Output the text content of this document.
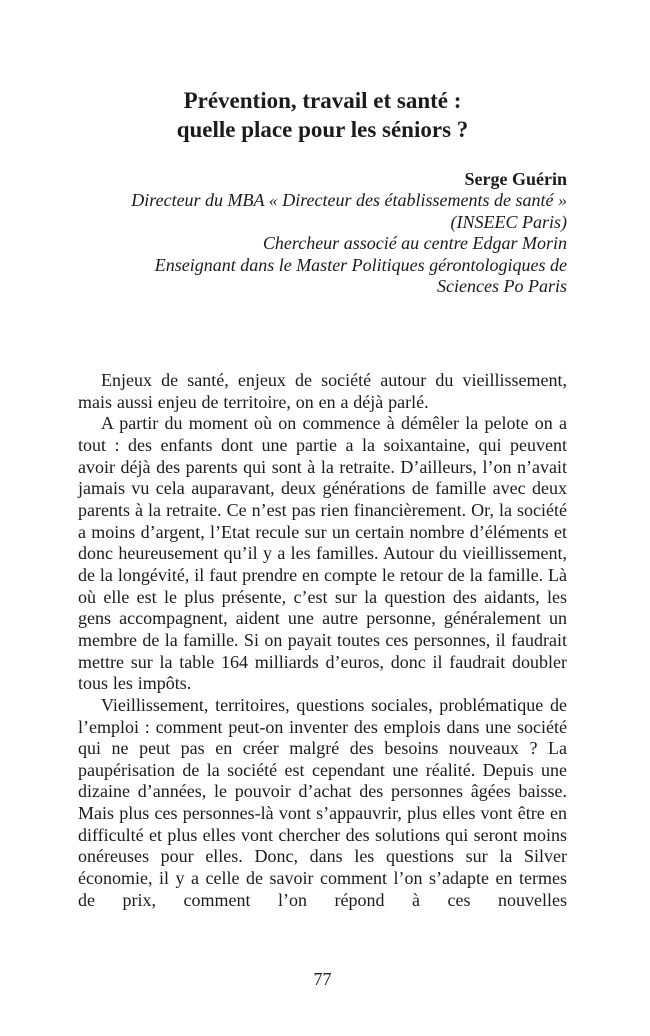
Prévention, travail et santé :
quelle place pour les séniors ?
Serge Guérin
Directeur du MBA « Directeur des établissements de santé »
(INSEEC Paris)
Chercheur associé au centre Edgar Morin
Enseignant dans le Master Politiques gérontologiques de
Sciences Po Paris

Enjeux de santé, enjeux de société autour du vieillissement, mais aussi enjeu de territoire, on en a déjà parlé.

A partir du moment où on commence à démêler la pelote on a tout : des enfants dont une partie a la soixantaine, qui peuvent avoir déjà des parents qui sont à la retraite. D’ailleurs, l’on n’avait jamais vu cela auparavant, deux générations de famille avec deux parents à la retraite. Ce n’est pas rien financièrement. Or, la société a moins d’argent, l’Etat recule sur un certain nombre d’éléments et donc heureusement qu’il y a les familles. Autour du vieillissement, de la longévité, il faut prendre en compte le retour de la famille. Là où elle est le plus présente, c’est sur la question des aidants, les gens accompagnent, aident une autre personne, généralement un membre de la famille. Si on payait toutes ces personnes, il faudrait mettre sur la table 164 milliards d’euros, donc il faudrait doubler tous les impôts.

Vieillissement, territoires, questions sociales, problématique de l’emploi : comment peut-on inventer des emplois dans une société qui ne peut pas en créer malgré des besoins nouveaux ? La paupérisation de la société est cependant une réalité. Depuis une dizaine d’années, le pouvoir d’achat des personnes âgées baisse. Mais plus ces personnes-là vont s’appauvrir, plus elles vont être en difficulté et plus elles vont chercher des solutions qui seront moins onéreuses pour elles. Donc, dans les questions sur la Silver économie, il y a celle de savoir comment l’on s’adapte en termes de prix, comment l’on répond à ces nouvelles

77
